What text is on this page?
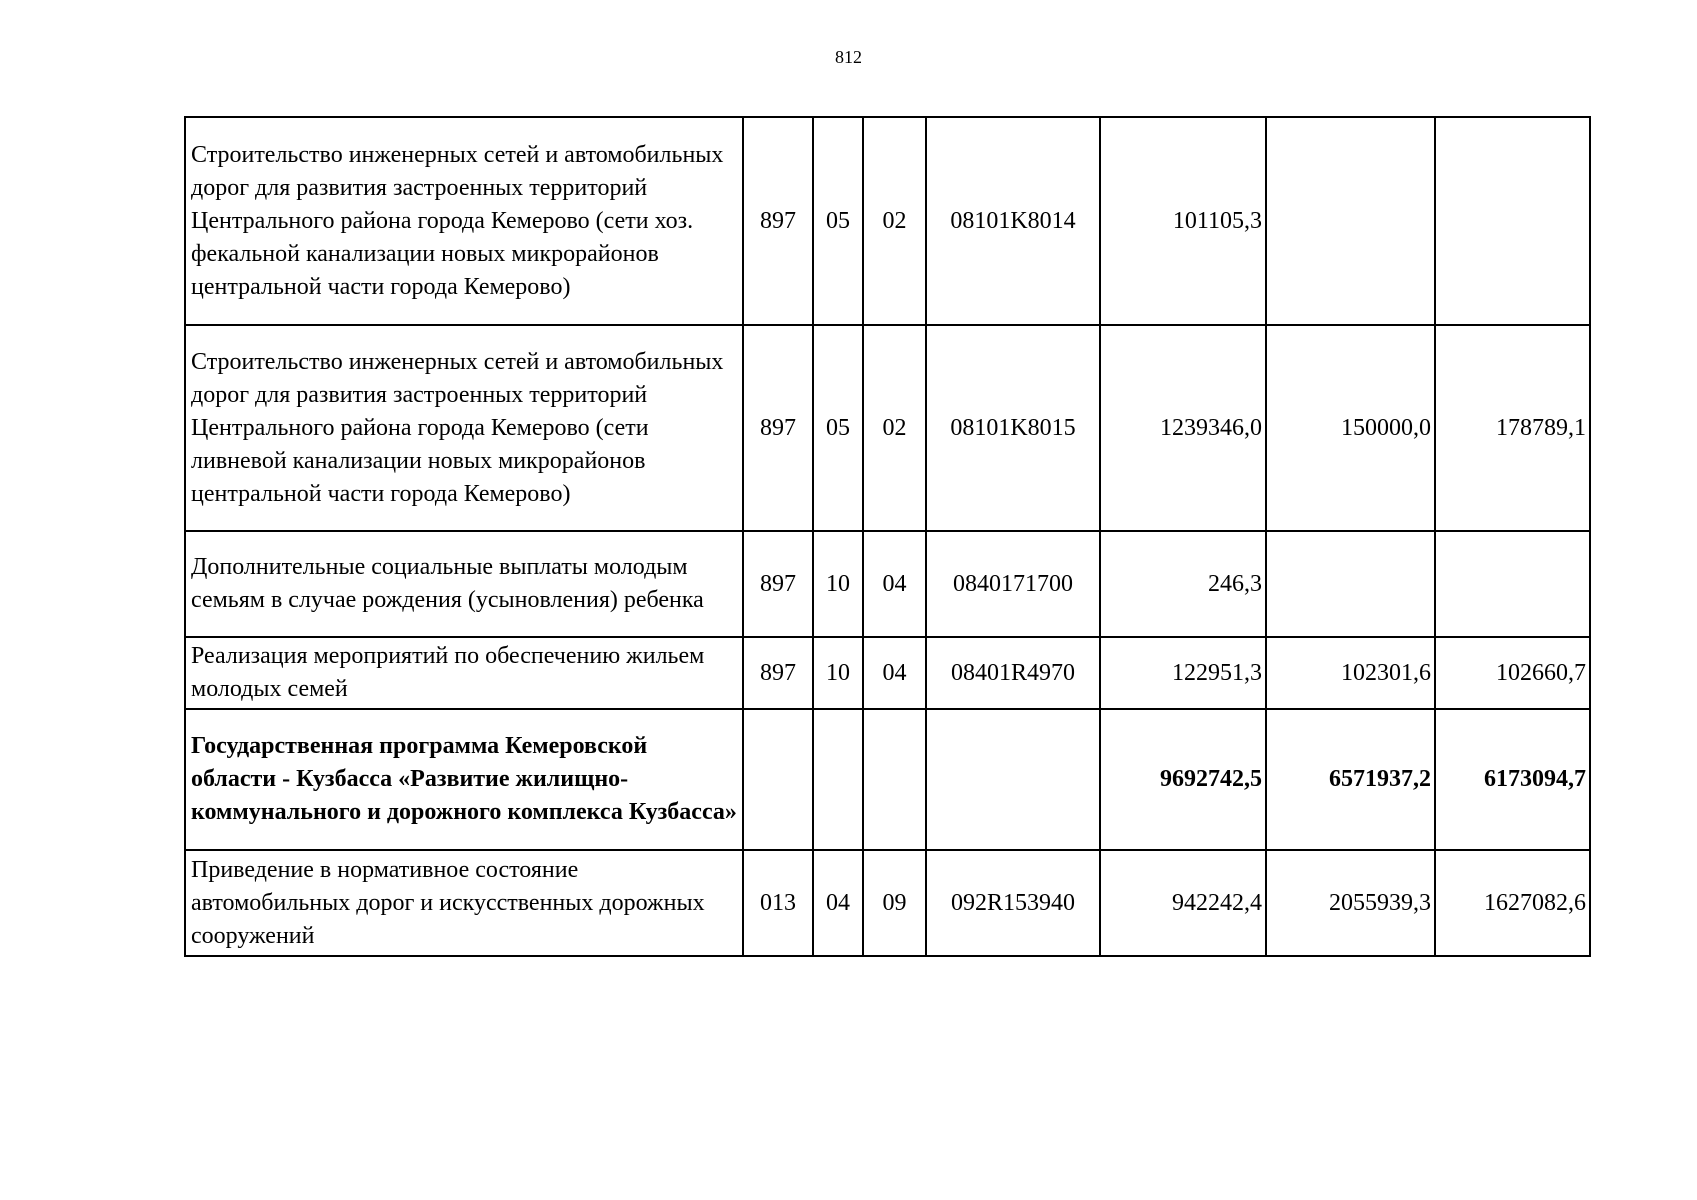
812
Строительство инженерных сетей и автомобильных дорог для развития застроенных территорий Центрального района города Кемерово (сети хоз. фекальной канализации новых микрорайонов центральной части города Кемерово)	897	05	02	08101K8014	101105,3		
Строительство инженерных сетей и автомобильных дорог для развития застроенных территорий Центрального района города Кемерово (сети ливневой канализации новых микрорайонов центральной части города Кемерово)	897	05	02	08101K8015	1239346,0	150000,0	178789,1
Дополнительные социальные выплаты молодым семьям в случае рождения (усыновления) ребенка	897	10	04	0840171700	246,3		
Реализация мероприятий по обеспечению жильем молодых семей	897	10	04	08401R4970	122951,3	102301,6	102660,7
Государственная программа Кемеровской области - Кузбасса «Развитие жилищно-коммунального и дорожного комплекса Кузбасса»					9692742,5	6571937,2	6173094,7
Приведение в нормативное состояние автомобильных дорог и искусственных дорожных сооружений	013	04	09	092R153940	942242,4	2055939,3	1627082,6
